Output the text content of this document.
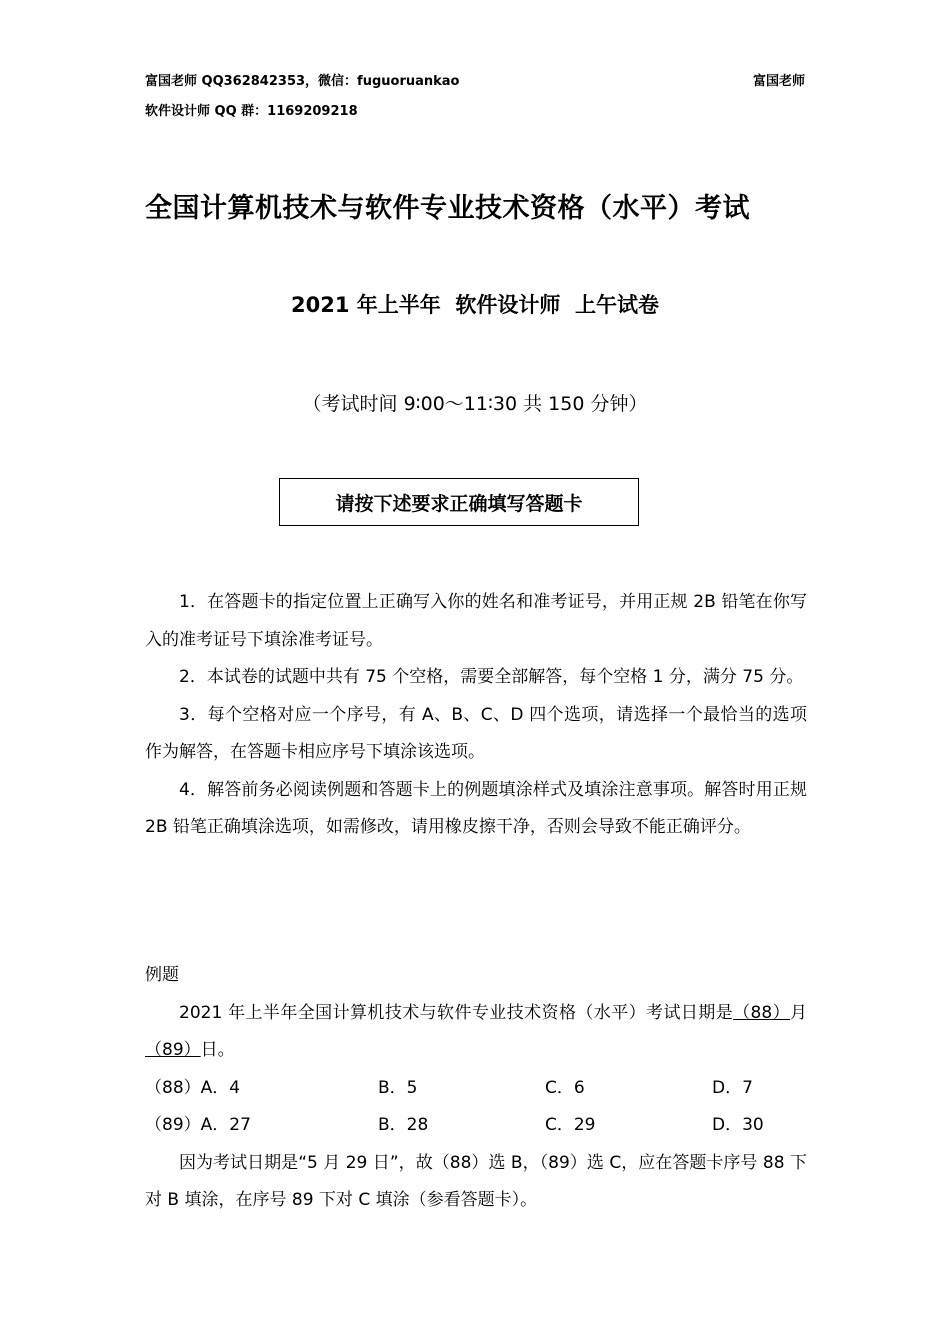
富国老师 QQ362842353，微信：fuguoruankao
软件设计师 QQ 群：1169209218
富国老师
全国计算机技术与软件专业技术资格（水平）考试
2021 年上半年  软件设计师  上午试卷
（考试时间 9∶00～11∶30 共 150 分钟）
请按下述要求正确填写答题卡

1．在答题卡的指定位置上正确写入你的姓名和准考证号，并用正规 2B 铅笔在你写入的准考证号下填涂准考证号。

2．本试卷的试题中共有 75 个空格，需要全部解答，每个空格 1 分，满分 75 分。

3．每个空格对应一个序号，有 A、B、C、D 四个选项，请选择一个最恰当的选项作为解答，在答题卡相应序号下填涂该选项。

4．解答前务必阅读例题和答题卡上的例题填涂样式及填涂注意事项。解答时用正规 2B 铅笔正确填涂选项，如需修改，请用橡皮擦干净，否则会导致不能正确评分。

例题

2021 年上半年全国计算机技术与软件专业技术资格（水平）考试日期是（88）月（89）日。

（88）A．4	B．5	C．6	D．7

（89）A．27	B．28	C．29	D．30

因为考试日期是“5 月 29 日”，故（88）选 B，（89）选 C，应在答题卡序号 88 下对 B 填涂，在序号 89 下对 C 填涂（参看答题卡）。
